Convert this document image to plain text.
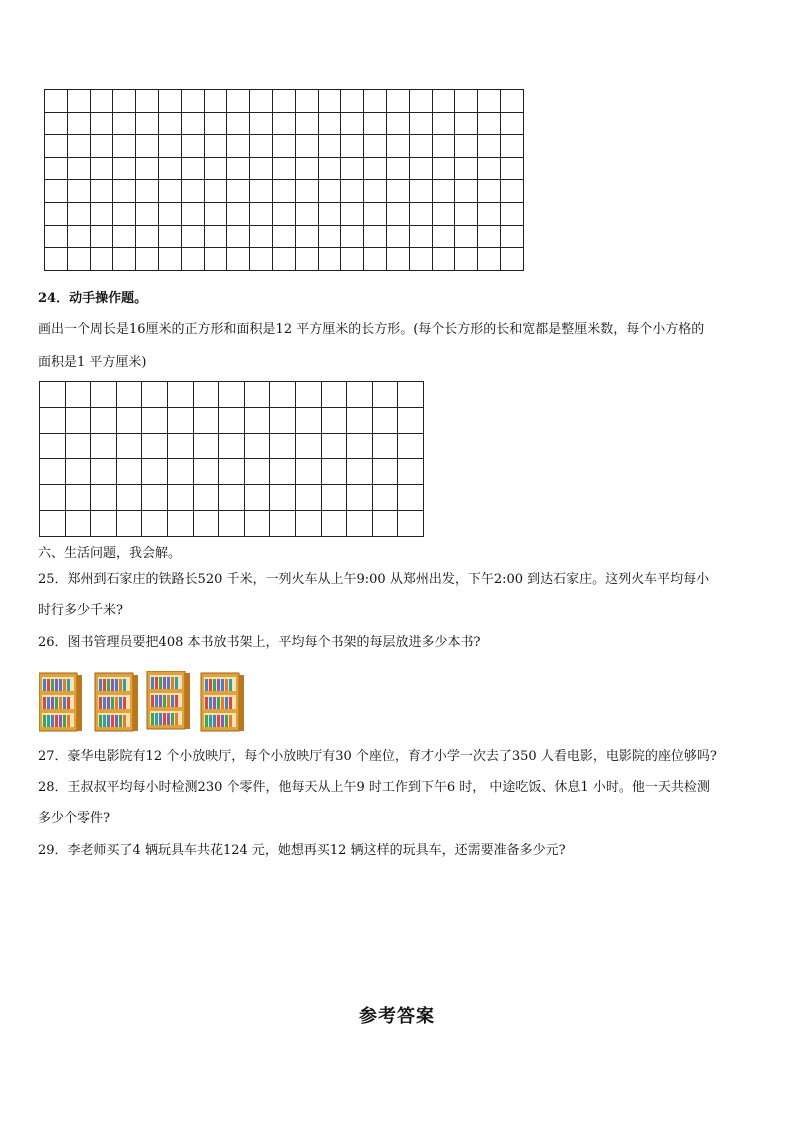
24．动手操作题。
画出一个周长是16厘米的正方形和面积是12 平方厘米的长方形。(每个长方形的长和宽都是整厘米数，每个小方格的
面积是1 平方厘米)

六、生活问题，我会解。
25．郑州到石家庄的铁路长520 千米，一列火车从上午9:00 从郑州出发，下午2:00 到达石家庄。这列火车平均每小
时行多少千米?
26．图书管理员要把408 本书放书架上，平均每个书架的每层放进多少本书?
27．豪华电影院有12 个小放映厅，每个小放映厅有30 个座位，育才小学一次去了350 人看电影，电影院的座位够吗?
28．王叔叔平均每小时检测230 个零件，他每天从上午9 时工作到下午6 时， 中途吃饭、休息1 小时。他一天共检测
多少个零件?
29．李老师买了4 辆玩具车共花124 元，她想再买12 辆这样的玩具车，还需要准备多少元?
参考答案
